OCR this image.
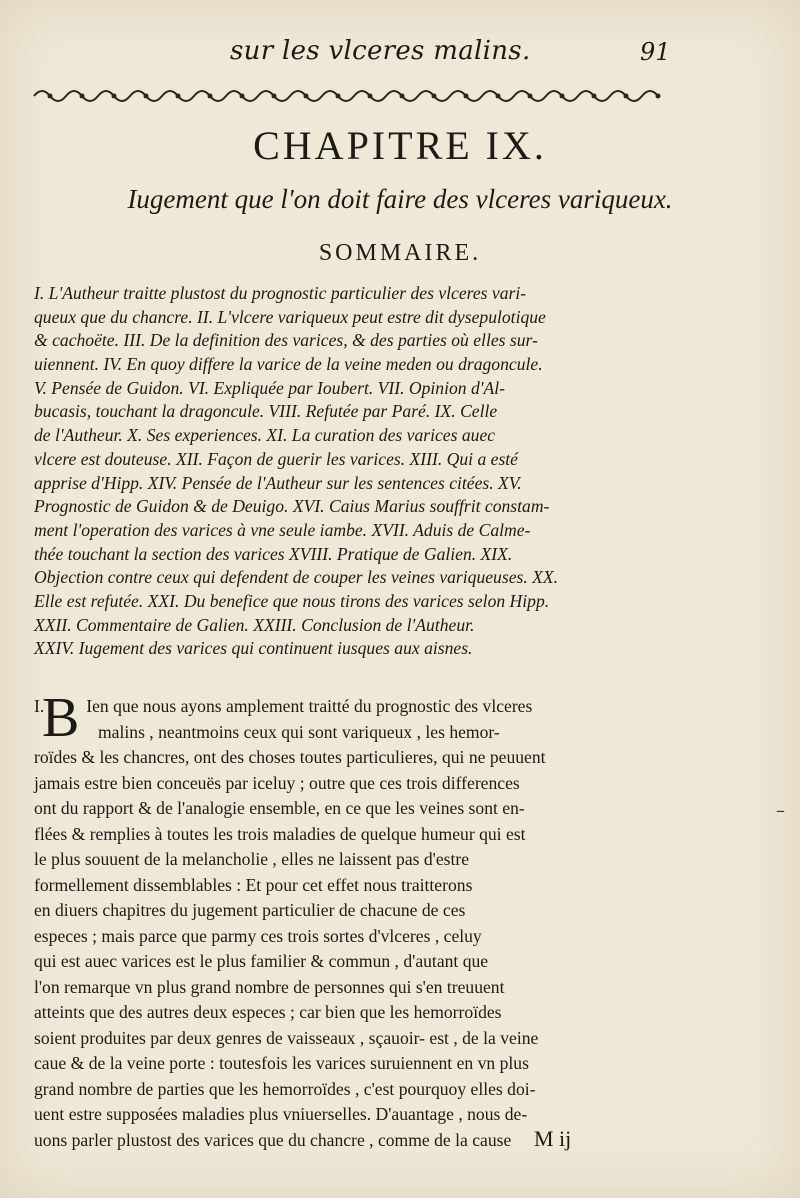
sur les vlceres malins.	91
CHAPITRE IX.
Iugement que l'on doit faire des vlceres variqueux.
SOMMAIRE.
I. L'Autheur traitte plustost du prognostic particulier des vlceres vari-
queux que du chancre. II. L'vlcere variqueux peut estre dit dysepulotique
& cachoëte. III. De la definition des varices, & des parties où elles sur-
uiennent. IV. En quoy differe la varice de la veine meden ou dragoncule.
V. Pensée de Guidon. VI. Expliquée par Ioubert. VII. Opinion d'Al-
bucasis, touchant la dragoncule. VIII. Refutée par Paré. IX. Celle
de l'Autheur. X. Ses experiences. XI. La curation des varices auec
vlcere est douteuse. XII. Façon de guerir les varices. XIII. Qui a esté
apprise d'Hipp. XIV. Pensée de l'Autheur sur les sentences citées. XV.
Prognostic de Guidon & de Deuigo. XVI. Caius Marius souffrit constam-
ment l'operation des varices à vne seule iambe. XVII. Aduis de Calme-
thée touchant la section des varices XVIII. Pratique de Galien. XIX.
Objection contre ceux qui defendent de couper les veines variqueuses. XX.
Elle est refutée. XXI. Du benefice que nous tirons des varices selon Hipp.
XXII. Commentaire de Galien. XXIII. Conclusion de l'Autheur.
XXIV. Iugement des varices qui continuent iusques aux aisnes.
B
I. Ien que nous ayons amplement traitté du prognostic des vlceres
malins , neantmoins ceux qui sont variqueux , les hemor-
roïdes & les chancres, ont des choses toutes particulieres, qui ne peuuent
jamais estre bien conceuës par iceluy ; outre que ces trois differences
ont du rapport & de l'analogie ensemble, en ce que les veines sont en-
flées & remplies à toutes les trois maladies de quelque humeur qui est
le plus souuent de la melancholie , elles ne laissent pas d'estre
formellement dissemblables : Et pour cet effet nous traitterons
en diuers chapitres du jugement particulier de chacune de ces
especes ; mais parce que parmy ces trois sortes d'vlceres , celuy
qui est auec varices est le plus familier & commun , d'autant que
l'on remarque vn plus grand nombre de personnes qui s'en treuuent
atteints que des autres deux especes ; car bien que les hemorroïdes
soient produites par deux genres de vaisseaux , sçauoir- est , de la veine
caue & de la veine porte : toutesfois les varices suruiennent en vn plus
grand nombre de parties que les hemorroïdes , c'est pourquoy elles doi-
uent estre supposées maladies plus vniuerselles. D'auantage , nous de-
uons parler plustost des varices que du chancre , comme de la cause	M ij
–
